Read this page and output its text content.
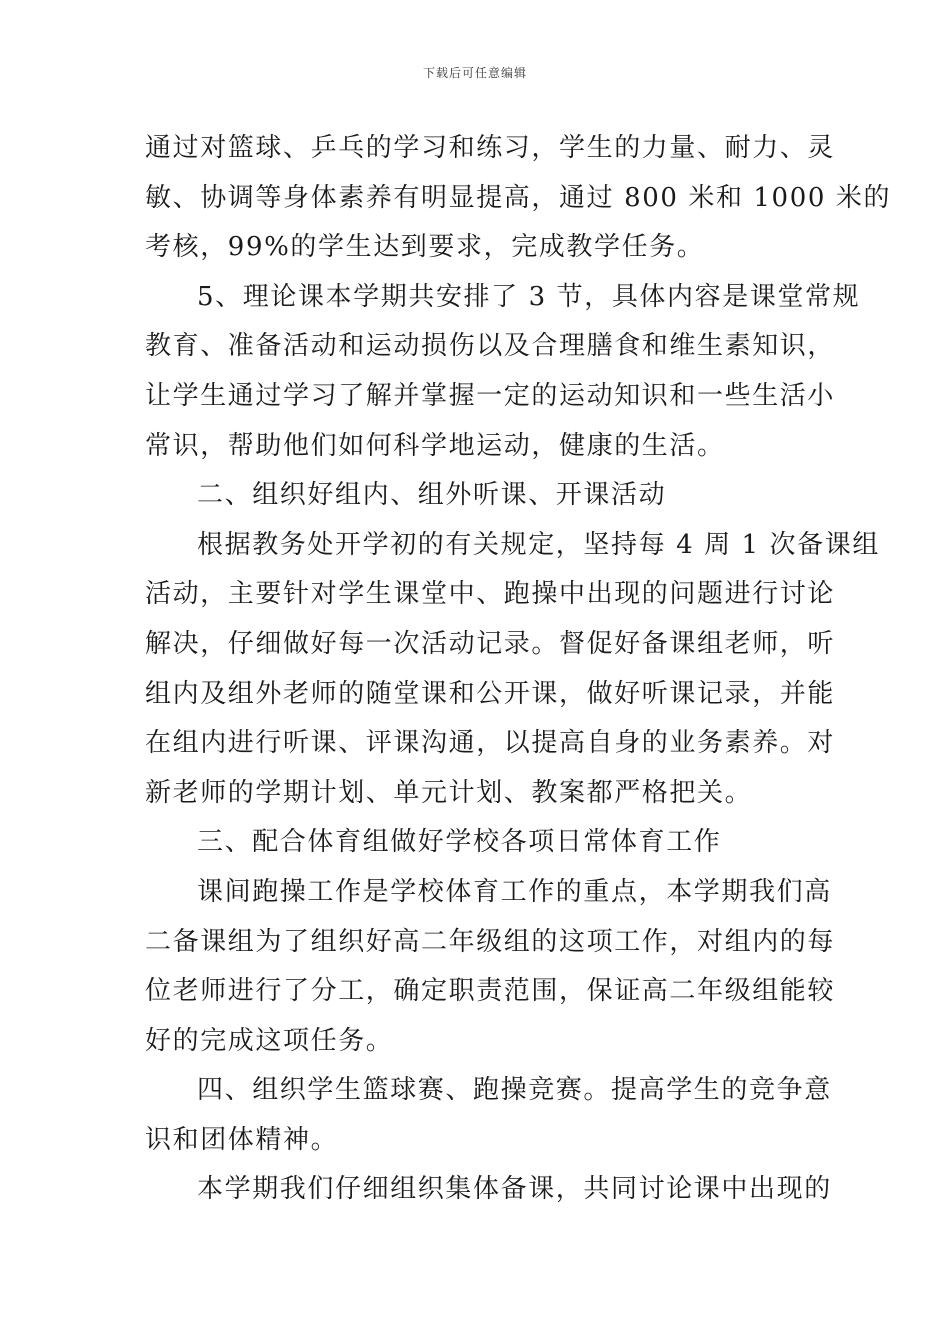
下载后可任意编辑

通过对篮球、乒乓的学习和练习，学生的力量、耐力、灵
敏、协调等身体素养有明显提高，通过 800 米和 1000 米的
考核，99%的学生达到要求，完成教学任务。

5、理论课本学期共安排了 3 节，具体内容是课堂常规
教育、准备活动和运动损伤以及合理膳食和维生素知识，
让学生通过学习了解并掌握一定的运动知识和一些生活小
常识，帮助他们如何科学地运动，健康的生活。

二、组织好组内、组外听课、开课活动

根据教务处开学初的有关规定，坚持每 4 周 1 次备课组
活动，主要针对学生课堂中、跑操中出现的问题进行讨论
解决，仔细做好每一次活动记录。督促好备课组老师，听
组内及组外老师的随堂课和公开课，做好听课记录，并能
在组内进行听课、评课沟通，以提高自身的业务素养。对
新老师的学期计划、单元计划、教案都严格把关。

三、配合体育组做好学校各项日常体育工作

课间跑操工作是学校体育工作的重点，本学期我们高
二备课组为了组织好高二年级组的这项工作，对组内的每
位老师进行了分工，确定职责范围，保证高二年级组能较
好的完成这项任务。

四、组织学生篮球赛、跑操竞赛。提高学生的竞争意
识和团体精神。

本学期我们仔细组织集体备课，共同讨论课中出现的
